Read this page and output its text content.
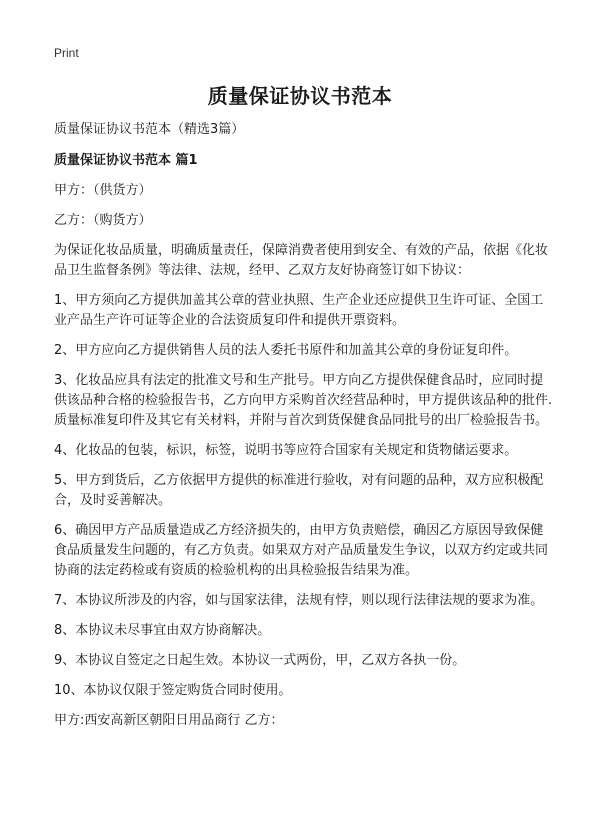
Print
质量保证协议书范本

质量保证协议书范本（精选3篇）

质量保证协议书范本 篇1

甲方：（供货方）

乙方：（购货方）

为保证化妆品质量，明确质量责任，保障消费者使用到安全、有效的产品，依据《化妆品卫生监督条例》等法律、法规，经甲、乙双方友好协商签订如下协议：

1、甲方须向乙方提供加盖其公章的营业执照、生产企业还应提供卫生许可证、全国工业产品生产许可证等企业的合法资质复印件和提供开票资料。

2、甲方应向乙方提供销售人员的法人委托书原件和加盖其公章的身份证复印件。

3、化妆品应具有法定的批准文号和生产批号。甲方向乙方提供保健食品时，应同时提供该品种合格的检验报告书，乙方向甲方采购首次经营品种时，甲方提供该品种的批件.质量标准复印件及其它有关材料，并附与首次到货保健食品同批号的出厂检验报告书。

4、化妆品的包装，标识，标签，说明书等应符合国家有关规定和货物储运要求。

5、甲方到货后，乙方依据甲方提供的标准进行验收，对有问题的品种，双方应积极配合，及时妥善解决。

6、确因甲方产品质量造成乙方经济损失的，由甲方负责赔偿，确因乙方原因导致保健食品质量发生问题的，有乙方负责。如果双方对产品质量发生争议，以双方约定或共同协商的法定药检或有资质的检验机构的出具检验报告结果为准。

7、本协议所涉及的内容，如与国家法律，法规有悖，则以现行法律法规的要求为准。

8、本协议未尽事宜由双方协商解决。

9、本协议自签定之日起生效。本协议一式两份，甲，乙双方各执一份。

10、本协议仅限于签定购货合同时使用。

甲方:西安高新区朝阳日用品商行 乙方：
